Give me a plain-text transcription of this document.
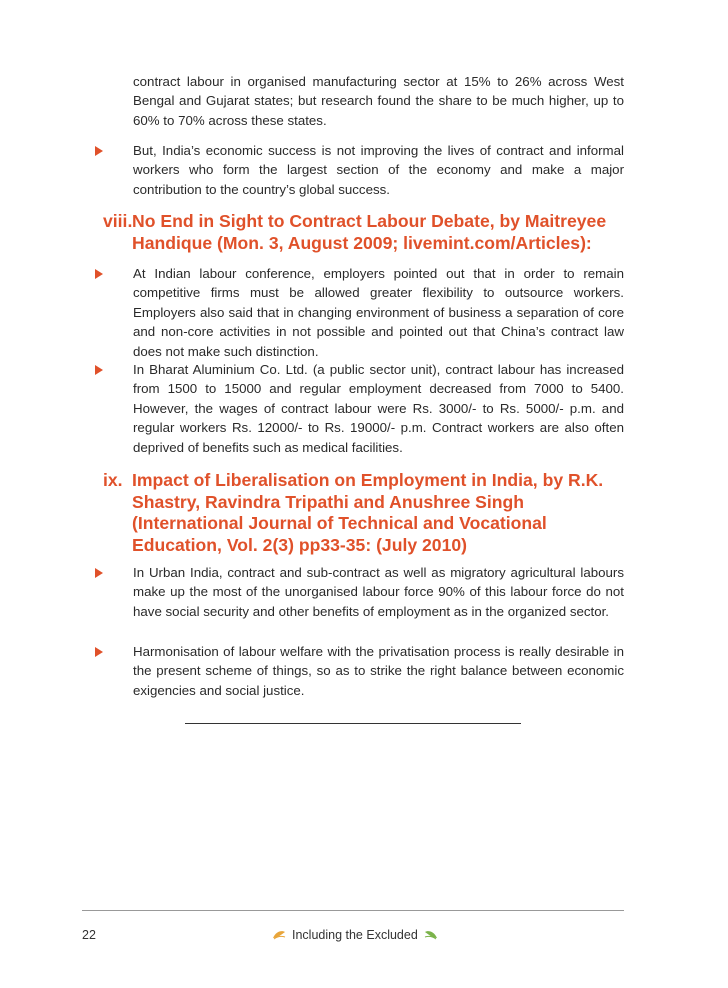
contract labour in organised manufacturing sector at 15% to 26% across West Bengal and Gujarat states; but research found the share to be much higher, up to 60% to 70% across these states.

But, India’s economic success is not improving the lives of contract and informal workers who form the largest section of the economy and make a major contribution to the country’s global success.

viii. No End in Sight to Contract Labour Debate, by Maitreyee Handique (Mon. 3, August 2009; livemint.com/Articles):

At Indian labour conference, employers pointed out that in order to remain competitive firms must be allowed greater flexibility to outsource workers. Employers also said that in changing environment of business a separation of core and non-core activities in not possible and pointed out that China’s contract law does not make such distinction.

In Bharat Aluminium Co. Ltd. (a public sector unit), contract labour has increased from 1500 to 15000 and regular employment decreased from 7000 to 5400. However, the wages of contract labour were Rs. 3000/- to Rs. 5000/- p.m. and regular workers Rs. 12000/- to Rs. 19000/- p.m. Contract workers are also often deprived of benefits such as medical facilities.

ix. Impact of Liberalisation on Employment in India, by R.K. Shastry, Ravindra Tripathi and Anushree Singh (International Journal of Technical and Vocational Education, Vol. 2(3) pp33-35: (July 2010)

In Urban India, contract and sub-contract as well as migratory agricultural labours make up the most of the unorganised labour force 90% of this labour force do not have social security and other benefits of employment as in the organized sector.

Harmonisation of labour welfare with the privatisation process is really desirable in the present scheme of things, so as to strike the right balance between economic exigencies and social justice.

22	Including the Excluded
